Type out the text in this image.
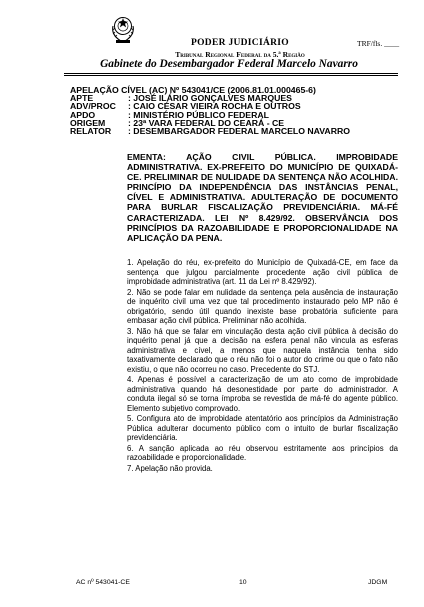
PODER JUDICIÁRIO	TRF/fls. ____
Tribunal Regional Federal da 5.ª Região
Gabinete do Desembargador Federal Marcelo Navarro
APELAÇÃO CÍVEL (AC) Nº 543041/CE (2006.81.01.000465-6)
APTE	: JOSÉ ILÁRIO GONÇALVES MARQUES
ADV/PROC	: CAIO CÉSAR VIEIRA ROCHA E OUTROS
APDO	: MINISTÉRIO PÚBLICO FEDERAL
ORIGEM	: 23ª VARA FEDERAL DO CEARÁ - CE
RELATOR	: DESEMBARGADOR FEDERAL MARCELO NAVARRO
EMENTA: AÇÃO CIVIL PÚBLICA. IMPROBIDADE ADMINISTRATIVA. EX-PREFEITO DO MUNICÍPIO DE QUIXADÁ-CE. PRELIMINAR DE NULIDADE DA SENTENÇA NÃO ACOLHIDA. PRINCÍPIO DA INDEPENDÊNCIA DAS INSTÂNCIAS PENAL, CÍVEL E ADMINISTRATIVA. ADULTERAÇÃO DE DOCUMENTO PARA BURLAR FISCALIZAÇÃO PREVIDENCIÁRIA. MÁ-FÉ CARACTERIZADA. LEI Nº 8.429/92. OBSERVÂNCIA DOS PRINCÍPIOS DA RAZOABILIDADE E PROPORCIONALIDADE NA APLICAÇÃO DA PENA.

1. Apelação do réu, ex-prefeito do Município de Quixadá-CE, em face da sentença que julgou parcialmente procedente ação civil pública de improbidade administrativa (art. 11 da Lei nº 8.429/92).

2. Não se pode falar em nulidade da sentença pela ausência de instauração de inquérito civil uma vez que tal procedimento instaurado pelo MP não é obrigatório, sendo útil quando inexiste base probatória suficiente para embasar ação civil pública. Preliminar não acolhida.

3. Não há que se falar em vinculação desta ação civil pública à decisão do inquérito penal já que a decisão na esfera penal não vincula as esferas administrativa e cível, a menos que naquela instância tenha sido taxativamente declarado que o réu não foi o autor do crime ou que o fato não existiu, o que não ocorreu no caso. Precedente do STJ.

4. Apenas é possível a caracterização de um ato como de improbidade administrativa quando há desonestidade por parte do administrador. A conduta ilegal só se torna ímproba se revestida de má-fé do agente público. Elemento subjetivo comprovado.

5. Configura ato de improbidade atentatório aos princípios da Administração Pública adulterar documento público com o intuito de burlar fiscalização previdenciária.

6. A sanção aplicada ao réu observou estritamente aos princípios da razoabilidade e proporcionalidade.

7. Apelação não provida.

AC nº 543041-CE	10	JDGM
